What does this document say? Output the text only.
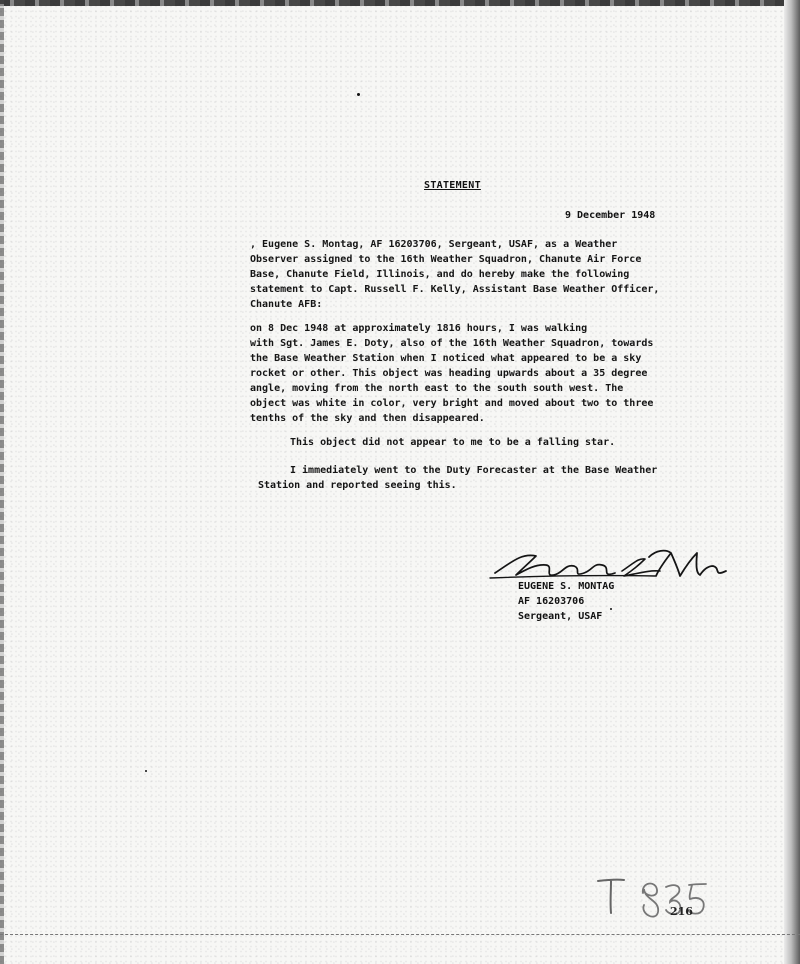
STATEMENT
9 December 1948
, Eugene S. Montag, AF 16203706, Sergeant, USAF, as a Weather
Observer assigned to the 16th Weather Squadron, Chanute Air Force
Base, Chanute Field, Illinois, and do hereby make the following
statement to Capt. Russell F. Kelly, Assistant Base Weather Officer,
Chanute AFB:
on 8 Dec 1948 at approximately 1816 hours, I was walking
with Sgt. James E. Doty, also of the 16th Weather Squadron, towards
the Base Weather Station when I noticed what appeared to be a sky
rocket or other. This object was heading upwards about a 35 degree
angle, moving from the north east to the south south west. The
object was white in color, very bright and moved about two to three
tenths of the sky and then disappeared.
This object did not appear to me to be a falling star.
I immediately went to the Duty Forecaster at the Base Weather
Station and reported seeing this.
EUGENE S. MONTAG
AF 16203706
Sergeant, USAF
216
